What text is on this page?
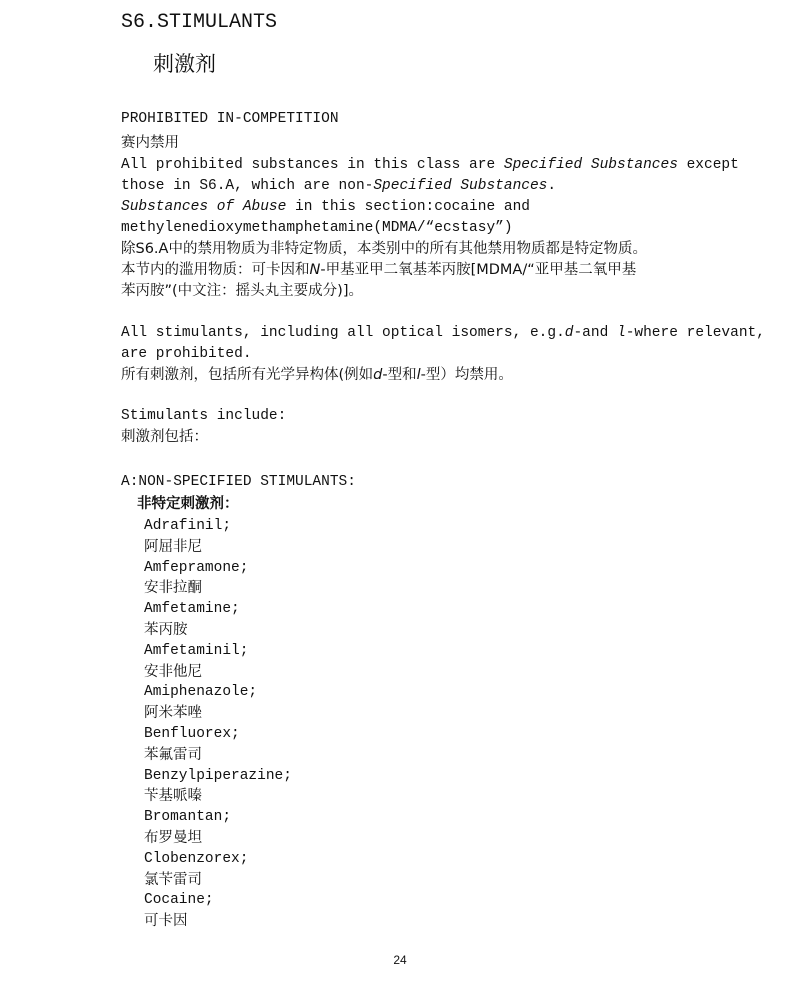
S6.STIMULANTS
刺激剂
PROHIBITED IN-COMPETITION
赛内禁用
All prohibited substances in this class are Specified Substances except
those in S6.A, which are non-Specified Substances.
Substances of Abuse in this section:cocaine and
methylenedioxymethamphetamine(MDMA/“ecstasy”)
除S6.A中的禁用物质为非特定物质，本类别中的所有其他禁用物质都是特定物质。
本节内的滥用物质：可卡因和N-甲基亚甲二氧基苯丙胺[MDMA/“亚甲基二氧甲基
苯丙胺”(中文注：摇头丸主要成分)]。
All stimulants, including all optical isomers, e.g.d-and l-where relevant,
are prohibited.
所有刺激剂，包括所有光学异构体(例如d-型和l-型）均禁用。
Stimulants include:
刺激剂包括：
A:NON-SPECIFIED STIMULANTS:
非特定刺激剂：
Adrafinil;
阿屈非尼
Amfepramone;
安非拉酮
Amfetamine;
苯丙胺
Amfetaminil;
安非他尼
Amiphenazole;
阿米苯唑
Benfluorex;
苯氟雷司
Benzylpiperazine;
苄基哌嗪
Bromantan;
布罗曼坦
Clobenzorex;
氯苄雷司
Cocaine;
可卡因
24
